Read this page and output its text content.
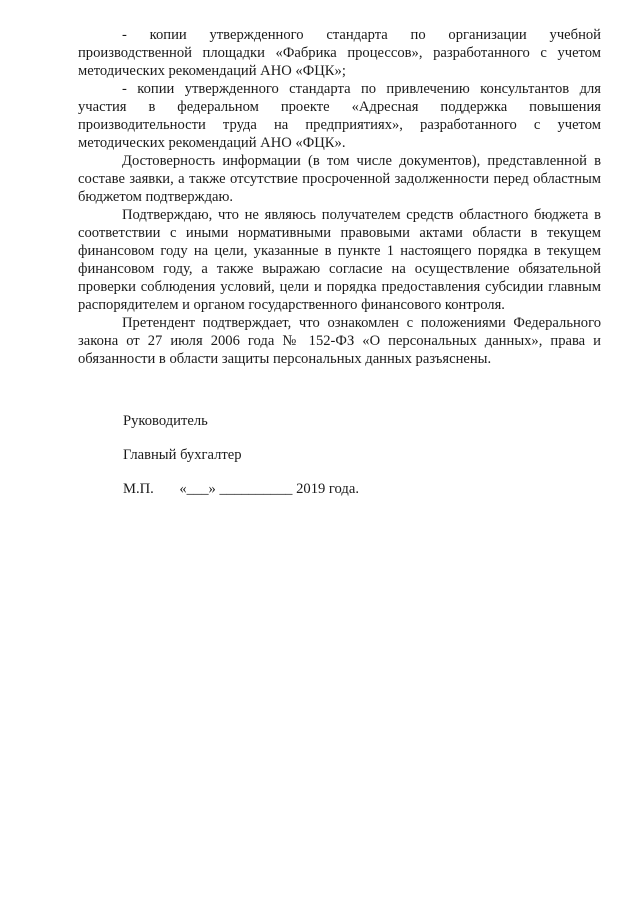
- копии утвержденного стандарта по организации учебной производственной площадки «Фабрика процессов», разработанного с учетом методических рекомендаций АНО «ФЦК»;

- копии утвержденного стандарта по привлечению консультантов для участия в федеральном проекте «Адресная поддержка повышения производительности труда на предприятиях», разработанного с учетом методических рекомендаций АНО «ФЦК».

Достоверность информации (в том числе документов), представленной в составе заявки, а также отсутствие просроченной задолженности перед областным бюджетом подтверждаю.

Подтверждаю, что не являюсь получателем средств областного бюджета в соответствии с иными нормативными правовыми актами области в текущем финансовом году на цели, указанные в пункте 1 настоящего порядка в текущем финансовом году, а также выражаю согласие на осуществление обязательной проверки соблюдения условий, цели и порядка предоставления субсидии главным распорядителем и органом государственного финансового контроля.

Претендент подтверждает, что ознакомлен с положениями Федерального закона от 27 июля 2006 года № 152-ФЗ «О персональных данных», права и обязанности в области защиты персональных данных разъяснены.

Руководитель

Главный бухгалтер

М.П.       «___» __________ 2019 года.
